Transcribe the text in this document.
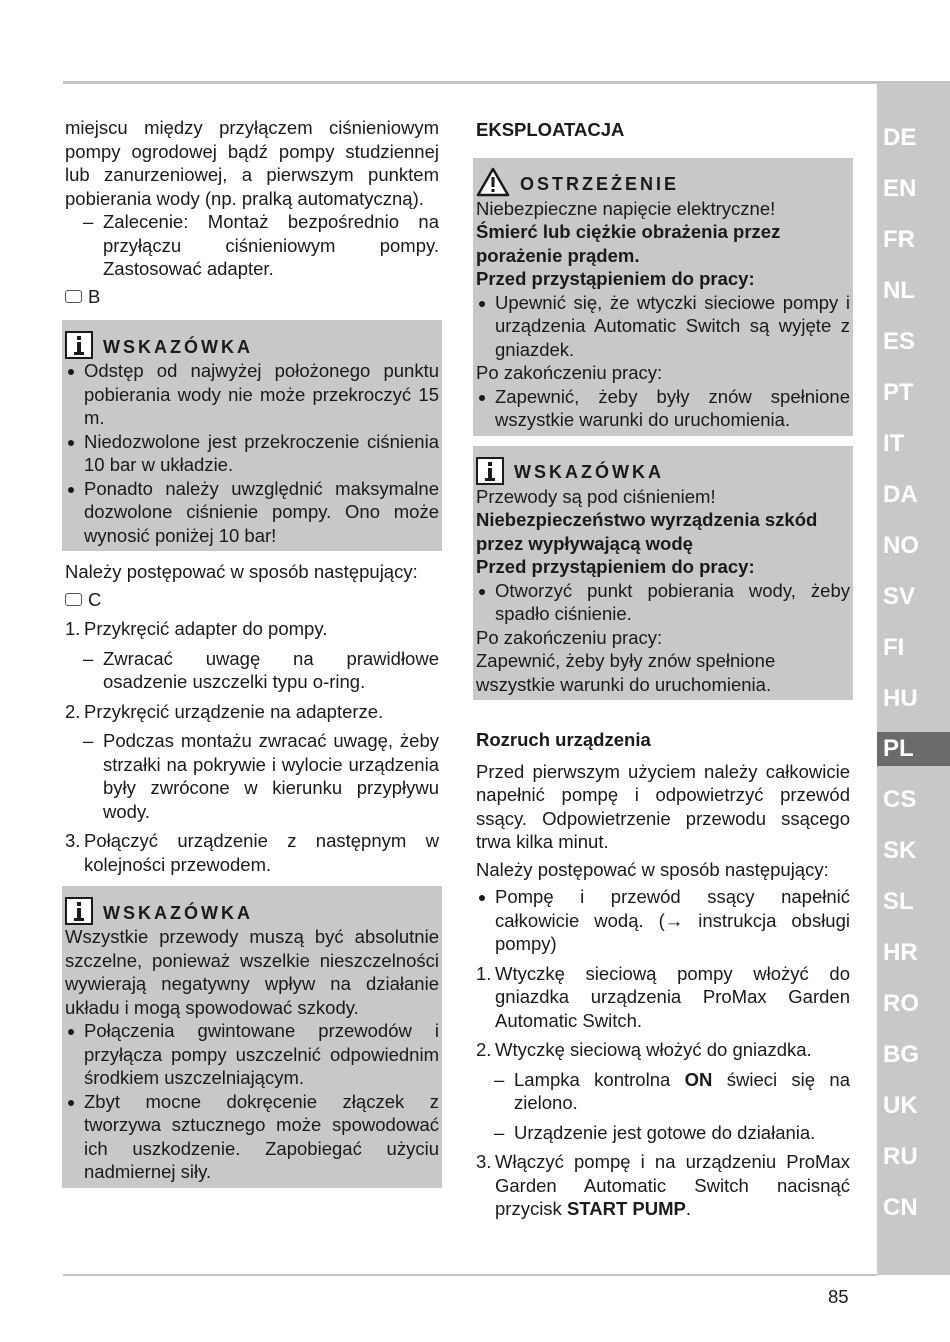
miejscu między przyłączem ciśnieniowym pompy ogrodowej bądź pompy studziennej lub zanurzeniowej, a pierwszym punktem pobierania wody (np. pralką automatyczną).

– Zalecenie: Montaż bezpośrednio na przyłączu ciśnieniowym pompy. Zastosować adapter.
B
WSKAZÓWKA
Odstęp od najwyżej położonego punktu pobierania wody nie może przekroczyć 15 m.
Niedozwolone jest przekroczenie ciśnienia 10 bar w układzie.
Ponadto należy uwzględnić maksymalne dozwolone ciśnienie pompy. Ono może wynosić poniżej 10 bar!

Należy postępować w sposób następujący:

C
1. Przykręcić adapter do pompy.
– Zwracać uwagę na prawidłowe osadzenie uszczelki typu o-ring.
2. Przykręcić urządzenie na adapterze.
– Podczas montażu zwracać uwagę, żeby strzałki na pokrywie i wylocie urządzenia były zwrócone w kierunku przypływu wody.
3. Połączyć urządzenie z następnym w kolejności przewodem.
WSKAZÓWKA

Wszystkie przewody muszą być absolutnie szczelne, ponieważ wszelkie nieszczelności wywierają negatywny wpływ na działanie układu i mogą spowodować szkody.

Połączenia gwintowane przewodów i przyłącza pompy uszczelnić odpowiednim środkiem uszczelniającym.
Zbyt mocne dokręcenie złączek z tworzywa sztucznego może spowodować ich uszkodzenie. Zapobiegać użyciu nadmiernej siły.

EKSPLOATACJA

OSTRZEŻENIE

Niebezpieczne napięcie elektryczne!

Śmierć lub ciężkie obrażenia przez porażenie prądem.

Przed przystąpieniem do pracy:

Upewnić się, że wtyczki sieciowe pompy i urządzenia Automatic Switch są wyjęte z gniazdek.

Po zakończeniu pracy:

Zapewnić, żeby były znów spełnione wszystkie warunki do uruchomienia.
WSKAZÓWKA

Przewody są pod ciśnieniem!

Niebezpieczeństwo wyrządzenia szkód przez wypływającą wodę

Przed przystąpieniem do pracy:

Otworzyć punkt pobierania wody, żeby spadło ciśnienie.

Po zakończeniu pracy:

Zapewnić, żeby były znów spełnione wszystkie warunki do uruchomienia.

Rozruch urządzenia

Przed pierwszym użyciem należy całkowicie napełnić pompę i odpowietrzyć przewód ssący. Odpowietrzenie przewodu ssącego trwa kilka minut.

Należy postępować w sposób następujący:

Pompę i przewód ssący napełnić całkowicie wodą. (→ instrukcja obsługi pompy)
1. Wtyczkę sieciową pompy włożyć do gniazdka urządzenia ProMax Garden Automatic Switch.
2. Wtyczkę sieciową włożyć do gniazdka.
– Lampka kontrolna ON świeci się na zielono.
– Urządzenie jest gotowe do działania.
3. Włączyć pompę i na urządzeniu ProMax Garden Automatic Switch nacisnąć przycisk START PUMP.
DE
EN
FR
NL
ES
PT
IT
DA
NO
SV
FI
HU
PL
CS
SK
SL
HR
RO
BG
UK
RU
CN
85
